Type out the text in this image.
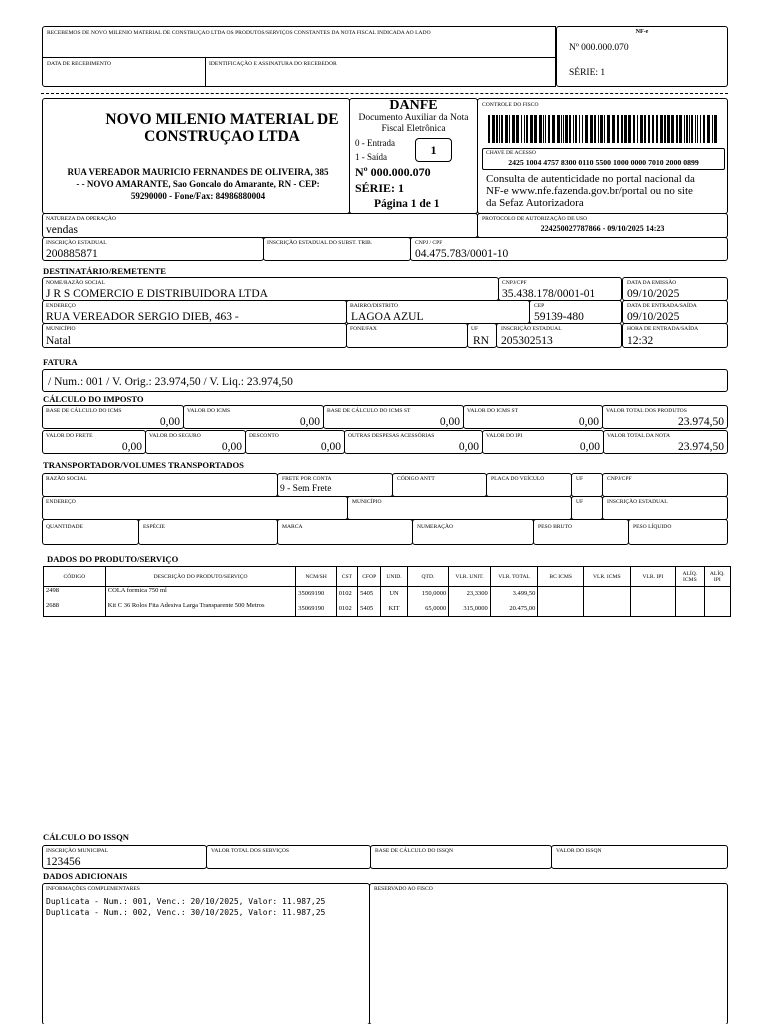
RECEBEMOS DE NOVO MILENIO MATERIAL DE CONSTRUÇAO LTDA OS PRODUTOS/SERVIÇOS CONSTANTES DA NOTA FISCAL INDICADA AO LADO
DATA DE RECEBIMENTO	IDENTIFICAÇÃO E ASSINATURA DO RECEBEDOR
NF-e
Nº 000.000.070
SÉRIE: 1
NOVO MILENIO MATERIAL DE
CONSTRUÇAO LTDA
RUA VEREADOR MAURICIO FERNANDES DE OLIVEIRA, 385
- - NOVO AMARANTE, Sao Goncalo do Amarante, RN - CEP:
59290000 - Fone/Fax: 84986880004
DANFE
Documento Auxiliar da Nota
Fiscal Eletrônica
0 - Entrada
1 - Saída	1
Nº 000.000.070
SÉRIE: 1
Página 1 de 1
CONTROLE DO FISCO
CHAVE DE ACESSO
2425 1004 4757 8300 0110 5500 1000 0000 7010 2000 0899
Consulta de autenticidade no portal nacional da
NF-e www.nfe.fazenda.gov.br/portal ou no site
da Sefaz Autorizadora
NATUREZA DA OPERAÇÃO
vendas
PROTOCOLO DE AUTORIZAÇÃO DE USO
224250027787866 - 09/10/2025 14:23
INSCRIÇÃO ESTADUAL
200885871
INSCRIÇÃO ESTADUAL DO SUBST. TRIB.	CNPJ / CPF
04.475.783/0001-10
DESTINATÁRIO/REMETENTE
NOME/RAZÃO SOCIAL
J R S COMERCIO E DISTRIBUIDORA LTDA
CNPJ/CPF
35.438.178/0001-01
DATA DA EMISSÃO
09/10/2025
ENDEREÇO
RUA VEREADOR SERGIO DIEB, 463 -
BAIRRO/DISTRITO
LAGOA AZUL
CEP
59139-480
DATA DE ENTRADA/SAÍDA
09/10/2025
MUNICÍPIO
Natal
FONE/FAX	UF
RN
INSCRIÇÃO ESTADUAL
205302513
HORA DE ENTRADA/SAÍDA
12:32
FATURA
/ Num.: 001 / V. Orig.: 23.974,50 / V. Liq.: 23.974,50
CÁLCULO DO IMPOSTO
BASE DE CÁLCULO DO ICMS
0,00
VALOR DO ICMS
0,00
BASE DE CÁLCULO DO ICMS ST
0,00
VALOR DO ICMS ST
0,00
VALOR TOTAL DOS PRODUTOS
23.974,50
VALOR DO FRETE
0,00
VALOR DO SEGURO
0,00
DESCONTO
0,00
OUTRAS DESPESAS ACESSÓRIAS
0,00
VALOR DO IPI
0,00
VALOR TOTAL DA NOTA
23.974,50
TRANSPORTADOR/VOLUMES TRANSPORTADOS
RAZÃO SOCIAL	FRETE POR CONTA
9 - Sem Frete
CÓDIGO ANTT	PLACA DO VEÍCULO	UF	CNPJ/CPF
ENDEREÇO	MUNICÍPIO	UF	INSCRIÇÃO ESTADUAL
QUANTIDADE	ESPÉCIE	MARCA	NUMERAÇÃO	PESO BRUTO	PESO LÍQUIDO
DADOS DO PRODUTO/SERVIÇO
CÓDIGO	DESCRIÇÃO DO PRODUTO/SERVIÇO	NCM/SH	CST	CFOP	UNID.	QTD.	VLR. UNIT.	VLR. TOTAL	BC ICMS	VLR. ICMS	VLR. IPI	ALÍQ. ICMS	ALÍQ. IPI
2498	COLA formica 750 ml	35069190	0102	5405	UN	150,0000	23,3300	3.499,50					
2688	Kit C 36 Rolos Fita Adesiva Larga Transparente 500 Metros	35069190	0102	5405	KIT	65,0000	315,0000	20.475,00					
CÁLCULO DO ISSQN
INSCRIÇÃO MUNICIPAL
123456
VALOR TOTAL DOS SERVIÇOS	BASE DE CÁLCULO DO ISSQN	VALOR DO ISSQN
DADOS ADICIONAIS
INFORMAÇÕES COMPLEMENTARES
Duplicata - Num.: 001, Venc.: 20/10/2025, Valor: 11.987,25
Duplicata - Num.: 002, Venc.: 30/10/2025, Valor: 11.987,25
RESERVADO AO FISCO
